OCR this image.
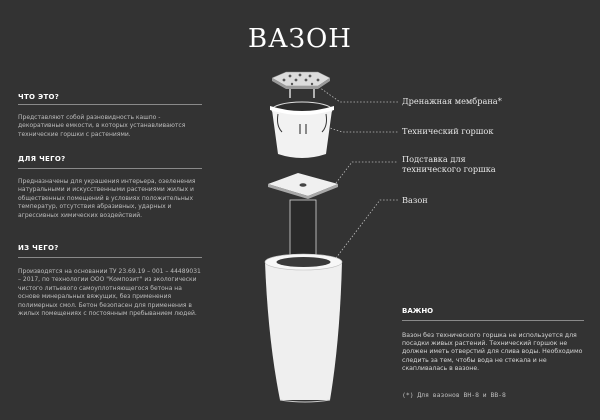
ВАЗОН
ЧТО ЭТО?
Представляют собой разновидность кашпо - декоративные емкости, в которых устанавливаются технические горшки с растениями.
ДЛЯ ЧЕГО?
Предназначены для украшения интерьера, озеленения натуральными и искусственными растениями жилых и общественных помещений в условиях положительных температур, отсутствия абразивных, ударных и агрессивных химических воздействий.
ИЗ ЧЕГО?
Производятся на основании ТУ 23.69.19 – 001 – 44489031 – 2017, по технологии ООО "Композит" из экологически чистого литьевого самоуплотняющегося бетона на основе минеральных вяжущих, без применения полимерных смол. Бетон безопасен для применения в жилых помещениях с постоянным пребыванием людей.
Дренажная мембрана*
Технический горшок
Подставка для технического горшка
Вазон
ВАЖНО
Вазон без технического горшка не используется для посадки живых растений. Технический горшок не должен иметь отверстий для слива воды. Необходимо следить за тем, чтобы вода не стекала и не скапливалась в вазоне.
(*) Для вазонов ВН-8 и ВВ-8
